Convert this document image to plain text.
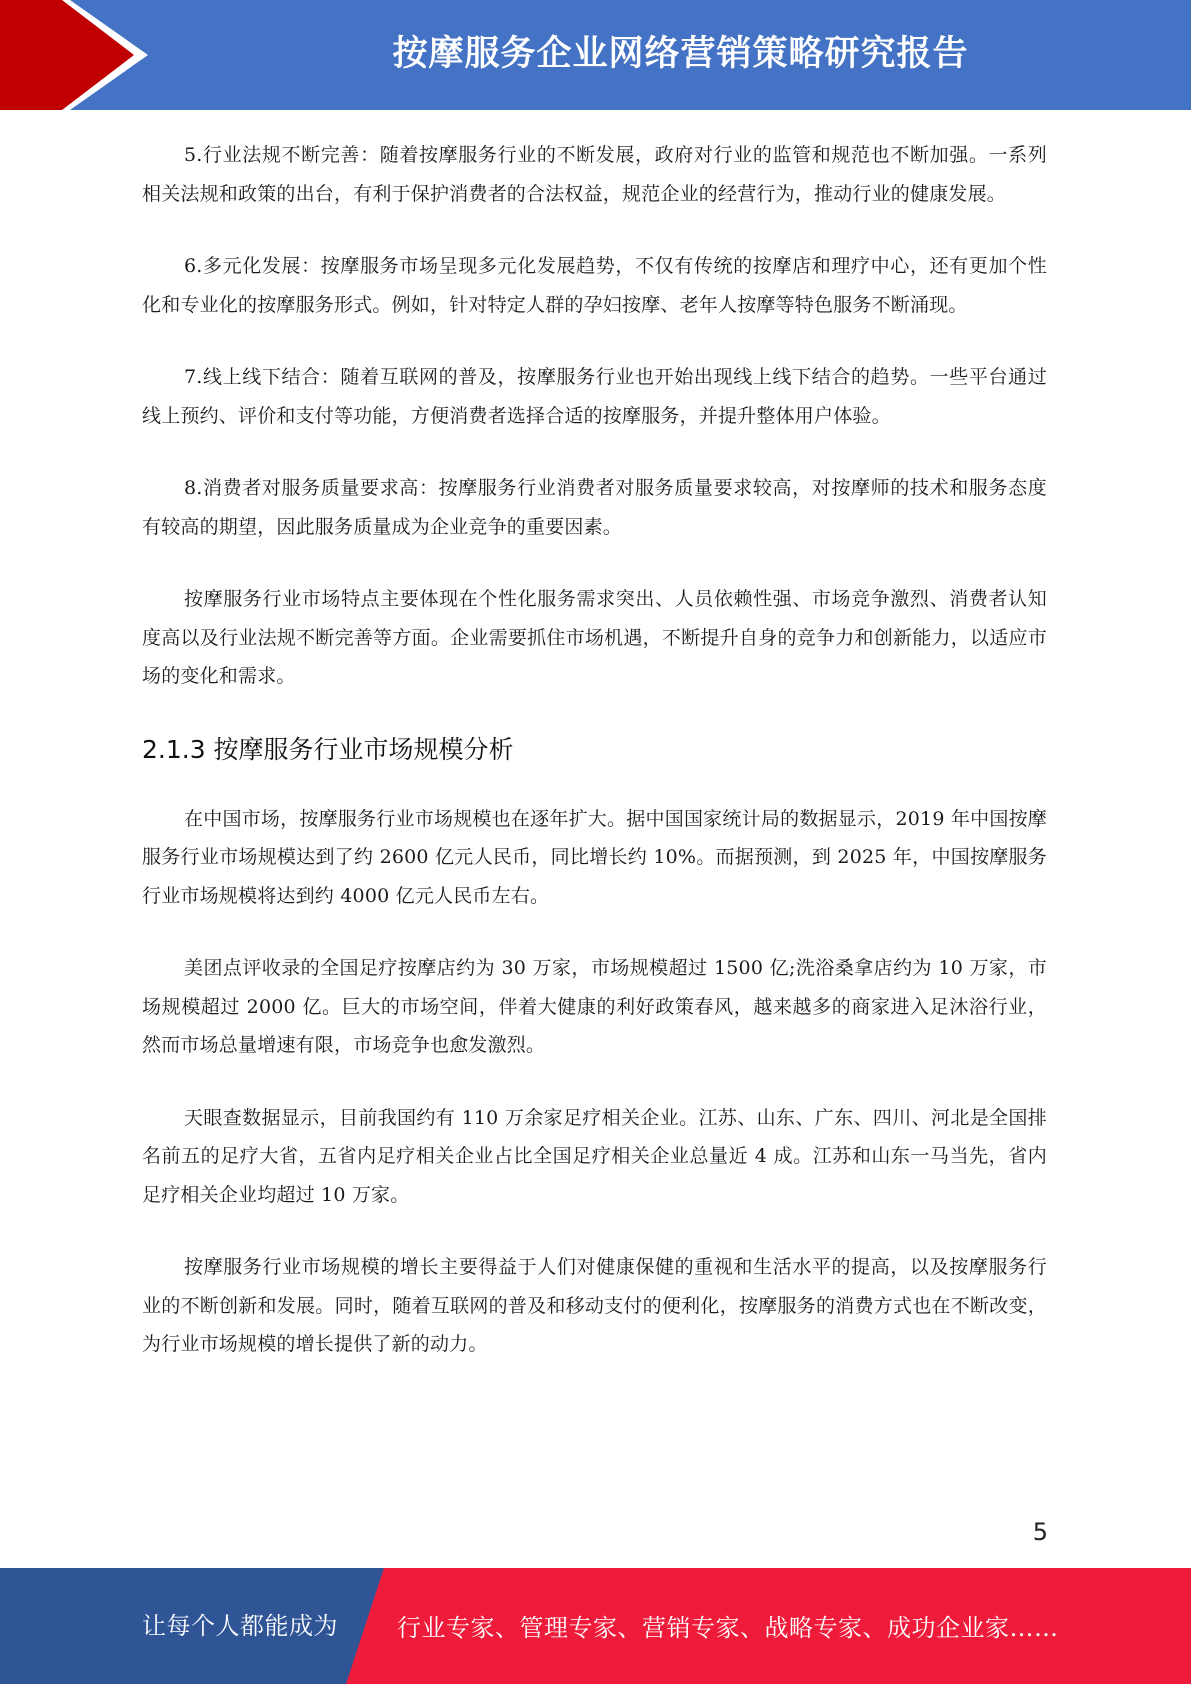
按摩服务企业网络营销策略研究报告

5.行业法规不断完善：随着按摩服务行业的不断发展，政府对行业的监管和规范也不断加强。一系列相关法规和政策的出台，有利于保护消费者的合法权益，规范企业的经营行为，推动行业的健康发展。

6.多元化发展：按摩服务市场呈现多元化发展趋势，不仅有传统的按摩店和理疗中心，还有更加个性化和专业化的按摩服务形式。例如，针对特定人群的孕妇按摩、老年人按摩等特色服务不断涌现。

7.线上线下结合：随着互联网的普及，按摩服务行业也开始出现线上线下结合的趋势。一些平台通过线上预约、评价和支付等功能，方便消费者选择合适的按摩服务，并提升整体用户体验。

8.消费者对服务质量要求高：按摩服务行业消费者对服务质量要求较高，对按摩师的技术和服务态度有较高的期望，因此服务质量成为企业竞争的重要因素。

按摩服务行业市场特点主要体现在个性化服务需求突出、人员依赖性强、市场竞争激烈、消费者认知度高以及行业法规不断完善等方面。企业需要抓住市场机遇，不断提升自身的竞争力和创新能力，以适应市场的变化和需求。

2.1.3 按摩服务行业市场规模分析

在中国市场，按摩服务行业市场规模也在逐年扩大。据中国国家统计局的数据显示，2019 年中国按摩服务行业市场规模达到了约 2600 亿元人民币，同比增长约 10%。而据预测，到 2025 年，中国按摩服务行业市场规模将达到约 4000 亿元人民币左右。

美团点评收录的全国足疗按摩店约为 30 万家，市场规模超过 1500 亿;洗浴桑拿店约为 10 万家，市场规模超过 2000 亿。巨大的市场空间，伴着大健康的利好政策春风，越来越多的商家进入足沐浴行业，然而市场总量增速有限，市场竞争也愈发激烈。

天眼查数据显示，目前我国约有 110 万余家足疗相关企业。江苏、山东、广东、四川、河北是全国排名前五的足疗大省，五省内足疗相关企业占比全国足疗相关企业总量近 4 成。江苏和山东一马当先，省内足疗相关企业均超过 10 万家。

按摩服务行业市场规模的增长主要得益于人们对健康保健的重视和生活水平的提高，以及按摩服务行业的不断创新和发展。同时，随着互联网的普及和移动支付的便利化，按摩服务的消费方式也在不断改变，为行业市场规模的增长提供了新的动力。

5
让每个人都能成为 行业专家、管理专家、营销专家、战略专家、成功企业家……
